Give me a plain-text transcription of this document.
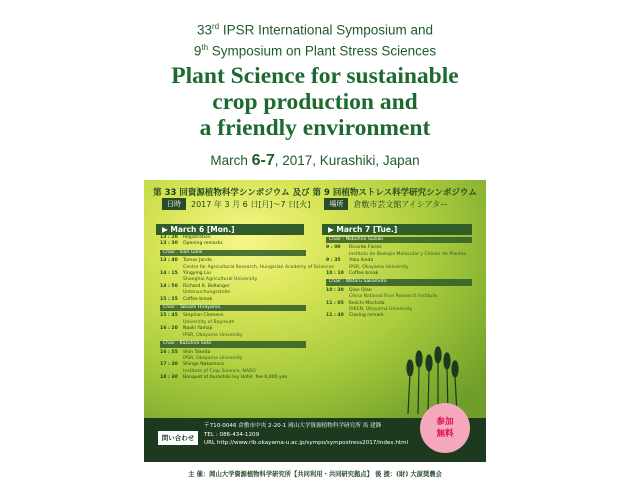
33rd IPSR International Symposium and
9th Symposium on Plant Stress Sciences
Plant Science for sustainable
crop production and
a friendly environment
March 6-7, 2017, Kurashiki, Japan
第 33 回資源植物科学シンポジウム 及び 第 9 回植物ストレス科学研究シンポジウム
日時	2017 年 3 月 6 日[月]〜7 日[火]	場所	倉敷市芸文館アイシアター
▶ March 6 [Mon.]
13 : 20	Registration
13 : 30	Opening remarks
Chair : Ivan Galis
13 : 40	Tamas Janda
Centre for Agricultural Research, Hungarian Academy of Sciences
14 : 15	Yingying Liu
Shanghai Agricultural University
14 : 50	Richard K. Bellanger
Untersuchungsstelle
15 : 25	Coffee break
Chair : Takashi Hirayama
15 : 45	Stephan Clemens
University of Bayreuth
16 : 20	Naoki Yamaji
IPSR, Okayama University
Chair : Kazuhiro Sato
16 : 55	Shin Takeda
IPSR, Okayama University
17 : 30	Shingo Nakamura
Institute of Crop Science, NARO
18 : 30	Banquet at Kurashiki Ivy Hotel fee 6,000 yen
▶ March 7 [Tue.]
Chair : Nobuhiro Suzuki
9 : 00	Ricardo Flores
Instituto de Biologia Molecular y Celular de Plantas
9 : 35	Yoko Ikeda
IPSR, Okayama University
10 : 10	Coffee break
Chair : Wataru Sakamoto
10 : 30	Qian Qian
China National Rice Research Institute
11 : 05	Keiichi Mochida
RIKEN, Okayama University
11 : 40	Closing remark
問い合わせ
〒710-0046 倉敷市中央 2-20-1 岡山大学資源植物科学研究所 馬 建鋒
TEL : 086-434-1209
URL http://www.rib.okayama-u.ac.jp/sympo/sympostress2017/index.html
参加
無料
主 催：岡山大学資源植物科学研究所【共同利用・共同研究拠点】 後 援：(財) 大原奨農会
